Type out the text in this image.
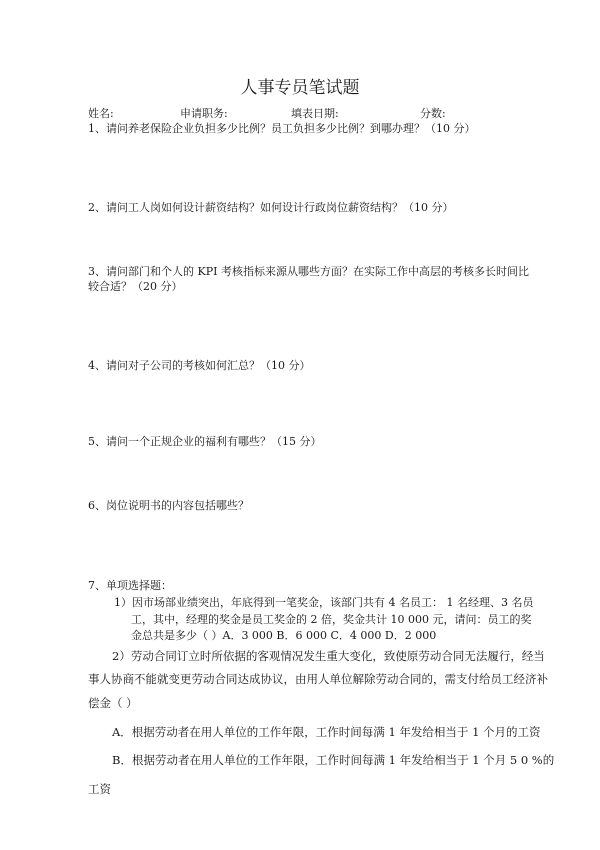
人事专员笔试题
姓名:	申请职务:	填表日期:	分数:
1、请问养老保险企业负担多少比例？员工负担多少比例？到哪办理？（10 分）
2、请问工人岗如何设计薪资结构？如何设计行政岗位薪资结构？（10 分）
3、请问部门和个人的 KPI 考核指标来源从哪些方面？在实际工作中高层的考核多长时间比
较合适？（20 分）
4、请问对子公司的考核如何汇总？（10 分）
5、请问一个正规企业的福利有哪些？（15 分）
6、岗位说明书的内容包括哪些？
7、单项选择题：
1）因市场部业绩突出，年底得到一笔奖金，该部门共有 4 名员工： 1 名经理、3 名员
工，其中，经理的奖金是员工奖金的 2 倍，奖金共计 10 000 元，请问：员工的奖
金总共是多少（ ）A．3 000 B．6 000 C．4 000 D．2 000
2）劳动合同订立时所依据的客观情况发生重大变化，致使原劳动合同无法履行，经当
事人协商不能就变更劳动合同达成协议，由用人单位解除劳动合同的，需支付给员工经济补
偿金（ ）
A．根据劳动者在用人单位的工作年限，工作时间每满 1 年发给相当于 1 个月的工资
B．根据劳动者在用人单位的工作年限，工作时间每满 1 年发给相当于 1 个月 5 0 %的
工资
